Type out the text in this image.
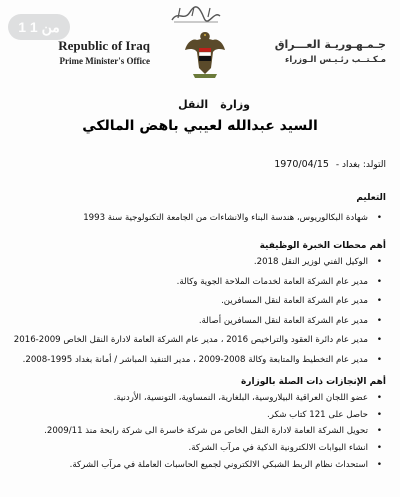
1 من 1
Republic of Iraq
Prime Minister's Office
جـمـهـوريـة العـــراق
مـكـتــب رئـيـس الـوزراء
وزارةالنقل
السيد عبدالله لعيبي باهض المالكي
التولد: بغداد - 1970/04/15
التعليم
•
شهادة البكالوريوس، هندسة البناء والانشاءات من الجامعة التكنولوجية سنة 1993
أهم محطات الخبرة الوظيفية
•
الوكيل الفني لوزير النقل 2018.
•
مدير عام الشركة العامة لخدمات الملاحة الجوية وكالة.
•
مدير عام الشركة العامة لنقل المسافرين.
•
مدير عام الشركة العامة لنقل المسافرين أصالة.
•
مدير عام دائرة العقود والتراخيص 2016 ، مدير عام الشركة العامة لادارة النقل الخاص 2009-2016
•
مدير عام التخطيط والمتابعة وكالة 2008-2009 ، مدير التنفيذ المباشر / أمانة بغداد 1995-2008.
أهم الإنجازات ذات الصلة بالوزارة
•
عضو اللجان العراقية البيلاروسية، البلغارية، النمساوية، التونسية، الأردنية.
•
حاصل على 121 كتاب شكر.
•
تحويل الشركة العامة لادارة النقل الخاص من شركة خاسرة الى شركة رابحة منذ 2009/11.
•
انشاء البوابات الالكترونية الذكية في مرآب الشركة.
•
استحداث نظام الربط الشبكي الالكتروني لجميع الحاسبات العاملة في مرآب الشركة.
